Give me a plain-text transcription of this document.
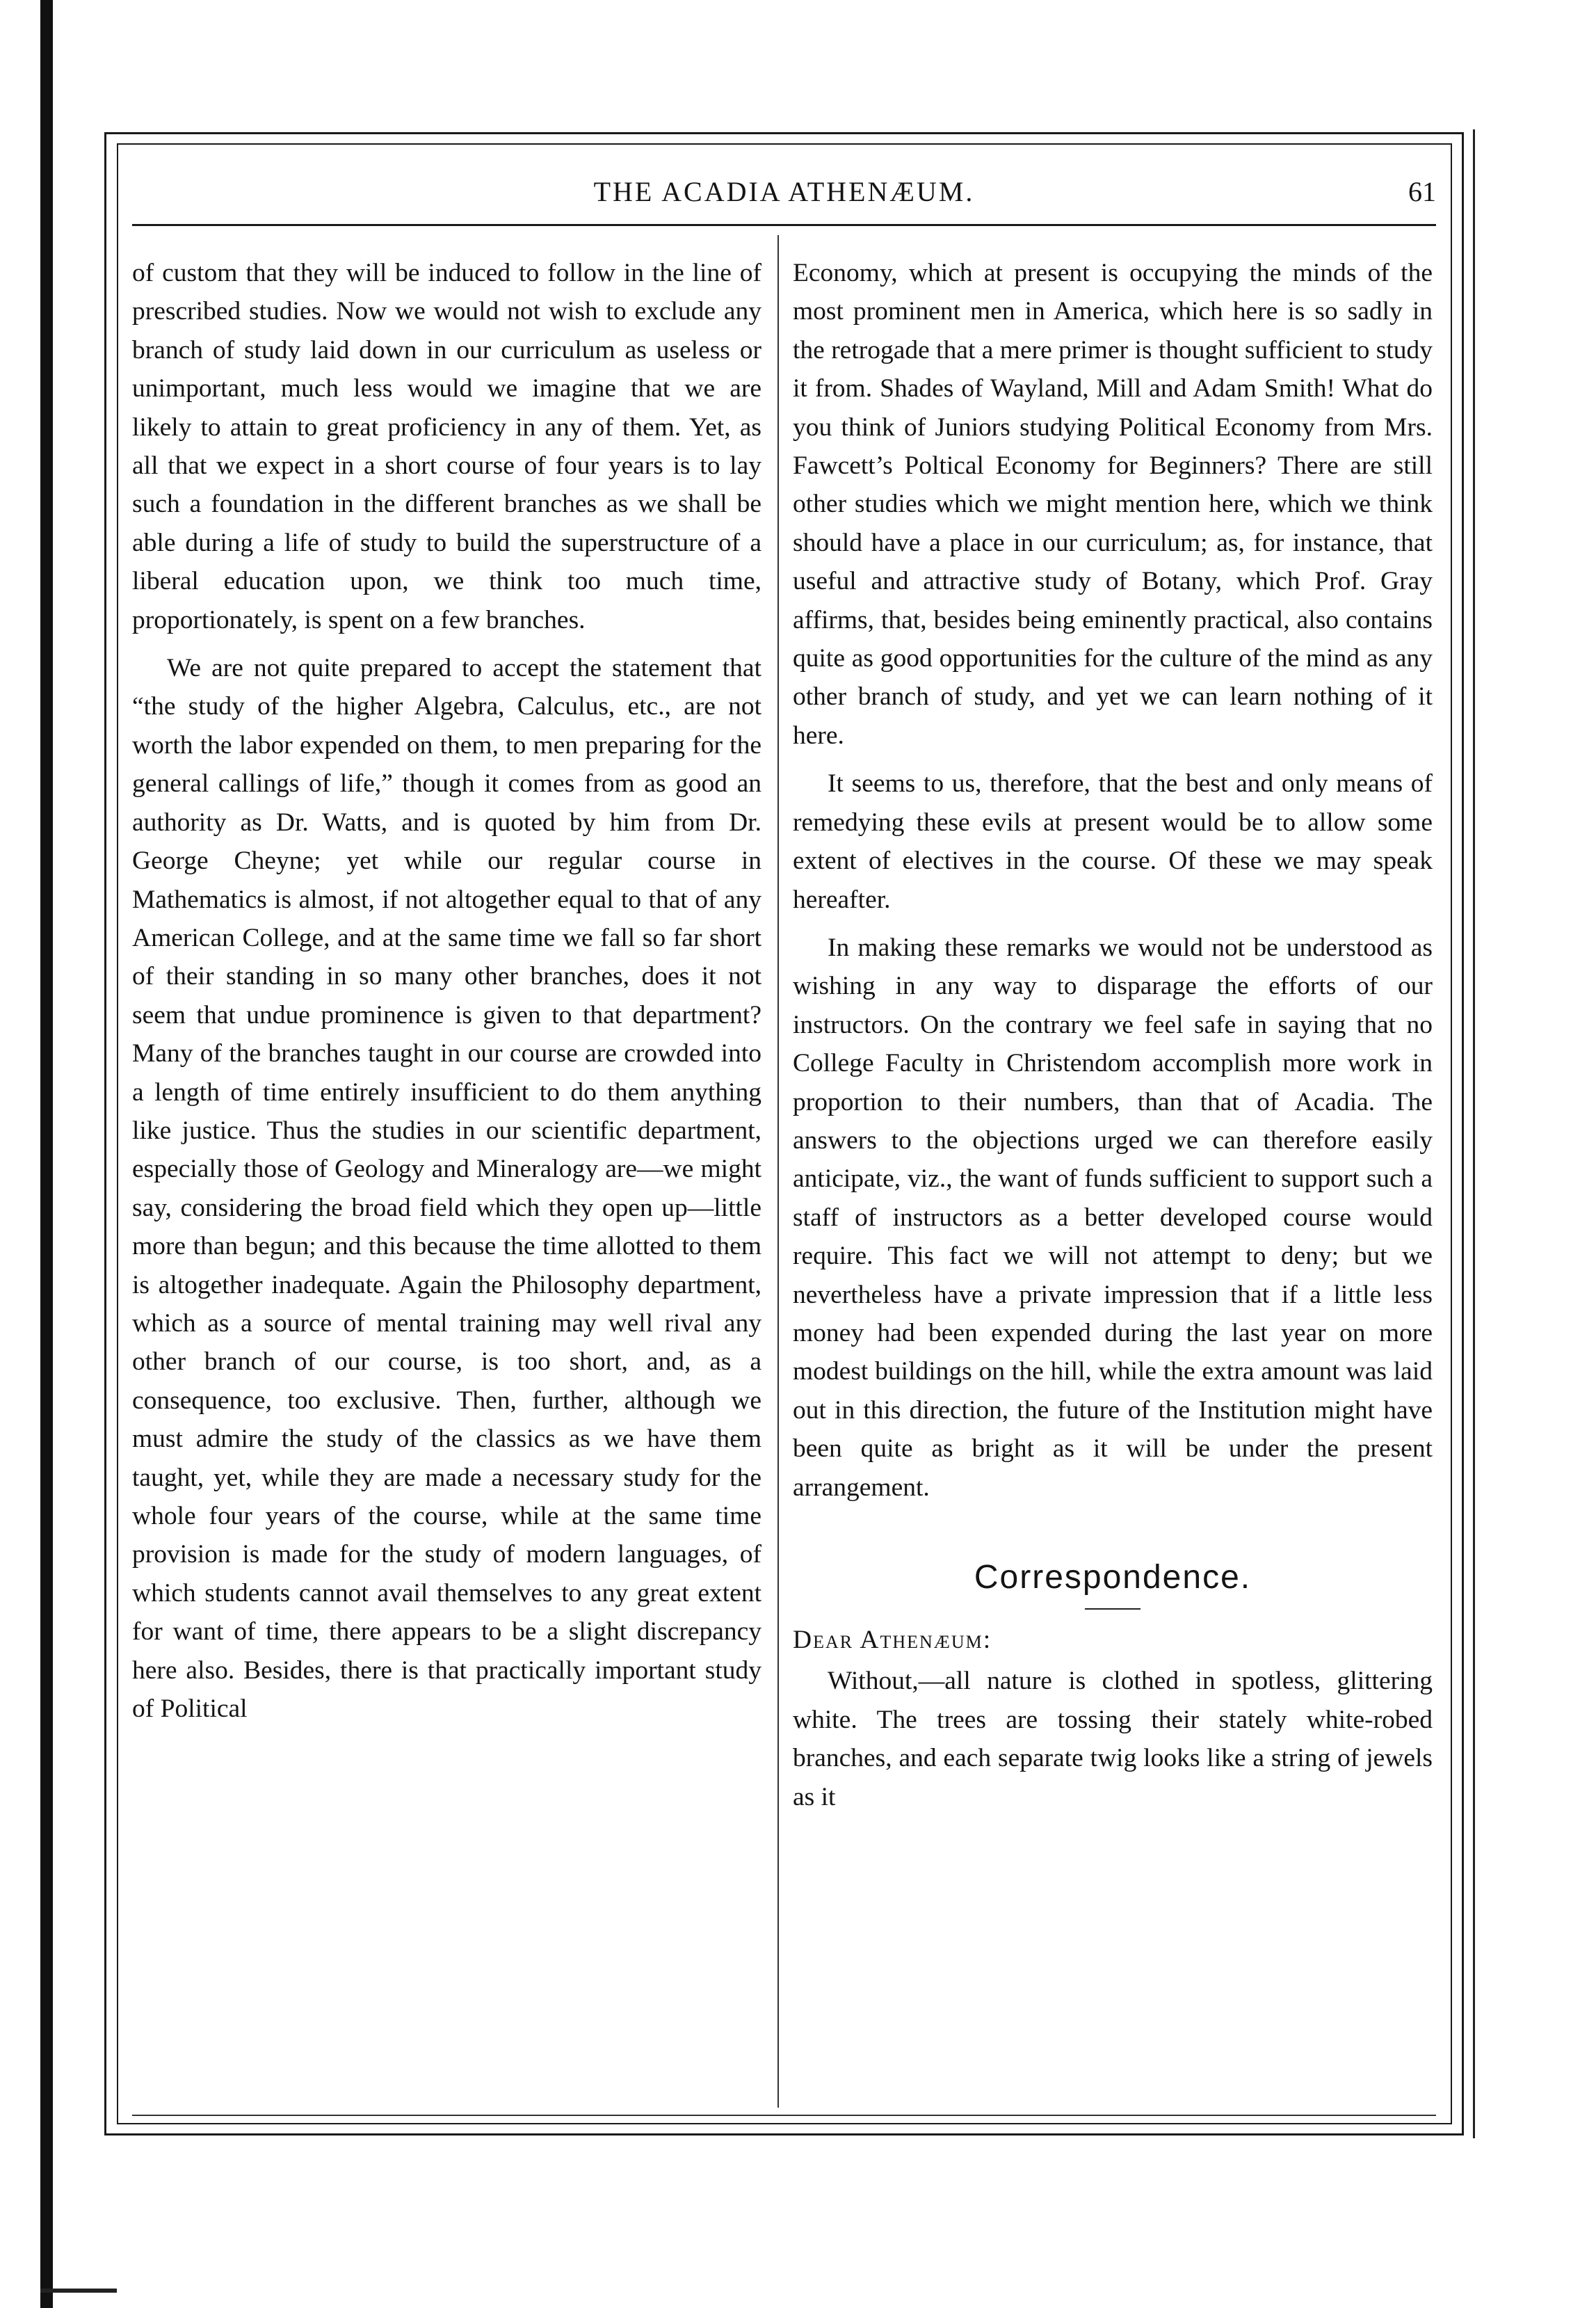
THE ACADIA ATHENÆUM.	61

of custom that they will be induced to follow in the line of prescribed studies. Now we would not wish to exclude any branch of study laid down in our curriculum as useless or unimportant, much less would we imagine that we are likely to attain to great proficiency in any of them. Yet, as all that we expect in a short course of four years is to lay such a foundation in the different branches as we shall be able during a life of study to build the superstructure of a liberal education upon, we think too much time, proportionately, is spent on a few branches.

We are not quite prepared to accept the statement that “the study of the higher Algebra, Calculus, etc., are not worth the labor expended on them, to men preparing for the general callings of life,” though it comes from as good an authority as Dr. Watts, and is quoted by him from Dr. George Cheyne; yet while our regular course in Mathematics is almost, if not altogether equal to that of any American College, and at the same time we fall so far short of their standing in so many other branches, does it not seem that undue prominence is given to that department? Many of the branches taught in our course are crowded into a length of time entirely insufficient to do them anything like justice. Thus the studies in our scientific department, especially those of Geology and Mineralogy are—we might say, considering the broad field which they open up—little more than begun; and this because the time allotted to them is altogether inadequate. Again the Philosophy department, which as a source of mental training may well rival any other branch of our course, is too short, and, as a consequence, too exclusive. Then, further, although we must admire the study of the classics as we have them taught, yet, while they are made a necessary study for the whole four years of the course, while at the same time provision is made for the study of modern languages, of which students cannot avail themselves to any great extent for want of time, there appears to be a slight discrepancy here also. Besides, there is that practically important study of Political

Economy, which at present is occupying the minds of the most prominent men in America, which here is so sadly in the retrogade that a mere primer is thought sufficient to study it from. Shades of Wayland, Mill and Adam Smith! What do you think of Juniors studying Political Economy from Mrs. Fawcett’s Poltical Economy for Beginners? There are still other studies which we might mention here, which we think should have a place in our curriculum; as, for instance, that useful and attractive study of Botany, which Prof. Gray affirms, that, besides being eminently practical, also contains quite as good opportunities for the culture of the mind as any other branch of study, and yet we can learn nothing of it here.

It seems to us, therefore, that the best and only means of remedying these evils at present would be to allow some extent of electives in the course. Of these we may speak hereafter.

In making these remarks we would not be understood as wishing in any way to disparage the efforts of our instructors. On the contrary we feel safe in saying that no College Faculty in Christendom accomplish more work in proportion to their numbers, than that of Acadia. The answers to the objections urged we can therefore easily anticipate, viz., the want of funds sufficient to support such a staff of instructors as a better developed course would require. This fact we will not attempt to deny; but we nevertheless have a private impression that if a little less money had been expended during the last year on more modest buildings on the hill, while the extra amount was laid out in this direction, the future of the Institution might have been quite as bright as it will be under the present arrangement.

Correspondence.

Dear Athenæum:

Without,—all nature is clothed in spotless, glittering white. The trees are tossing their stately white-robed branches, and each separate twig looks like a string of jewels as it
